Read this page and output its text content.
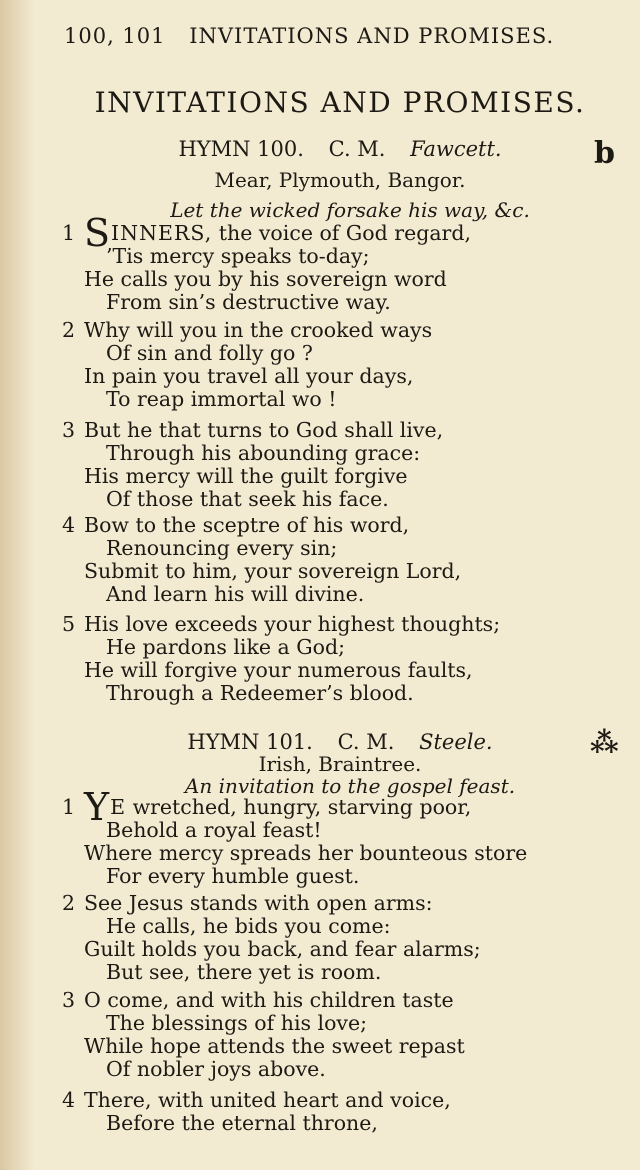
100, 101 INVITATIONS AND PROMISES.
INVITATIONS AND PROMISES.
HYMN 100. C. M. Fawcett.	b
Mear, Plymouth, Bangor.
Let the wicked forsake his way, &c.
1 SINNERS, the voice of God regard,
’Tis mercy speaks to-day;
He calls you by his sovereign word
From sin’s destructive way.
2 Why will you in the crooked ways
Of sin and folly go ?
In pain you travel all your days,
To reap immortal wo !
3 But he that turns to God shall live,
Through his abounding grace:
His mercy will the guilt forgive
Of those that seek his face.
4 Bow to the sceptre of his word,
Renouncing every sin;
Submit to him, your sovereign Lord,
And learn his will divine.
5 His love exceeds your highest thoughts;
He pardons like a God;
He will forgive your numerous faults,
Through a Redeemer’s blood.
HYMN 101. C. M. Steele.	⁂
Irish, Braintree.
An invitation to the gospel feast.
1 YE wretched, hungry, starving poor,
Behold a royal feast!
Where mercy spreads her bounteous store
For every humble guest.
2 See Jesus stands with open arms:
He calls, he bids you come:
Guilt holds you back, and fear alarms;
But see, there yet is room.
3 O come, and with his children taste
The blessings of his love;
While hope attends the sweet repast
Of nobler joys above.
4 There, with united heart and voice,
Before the eternal throne,
